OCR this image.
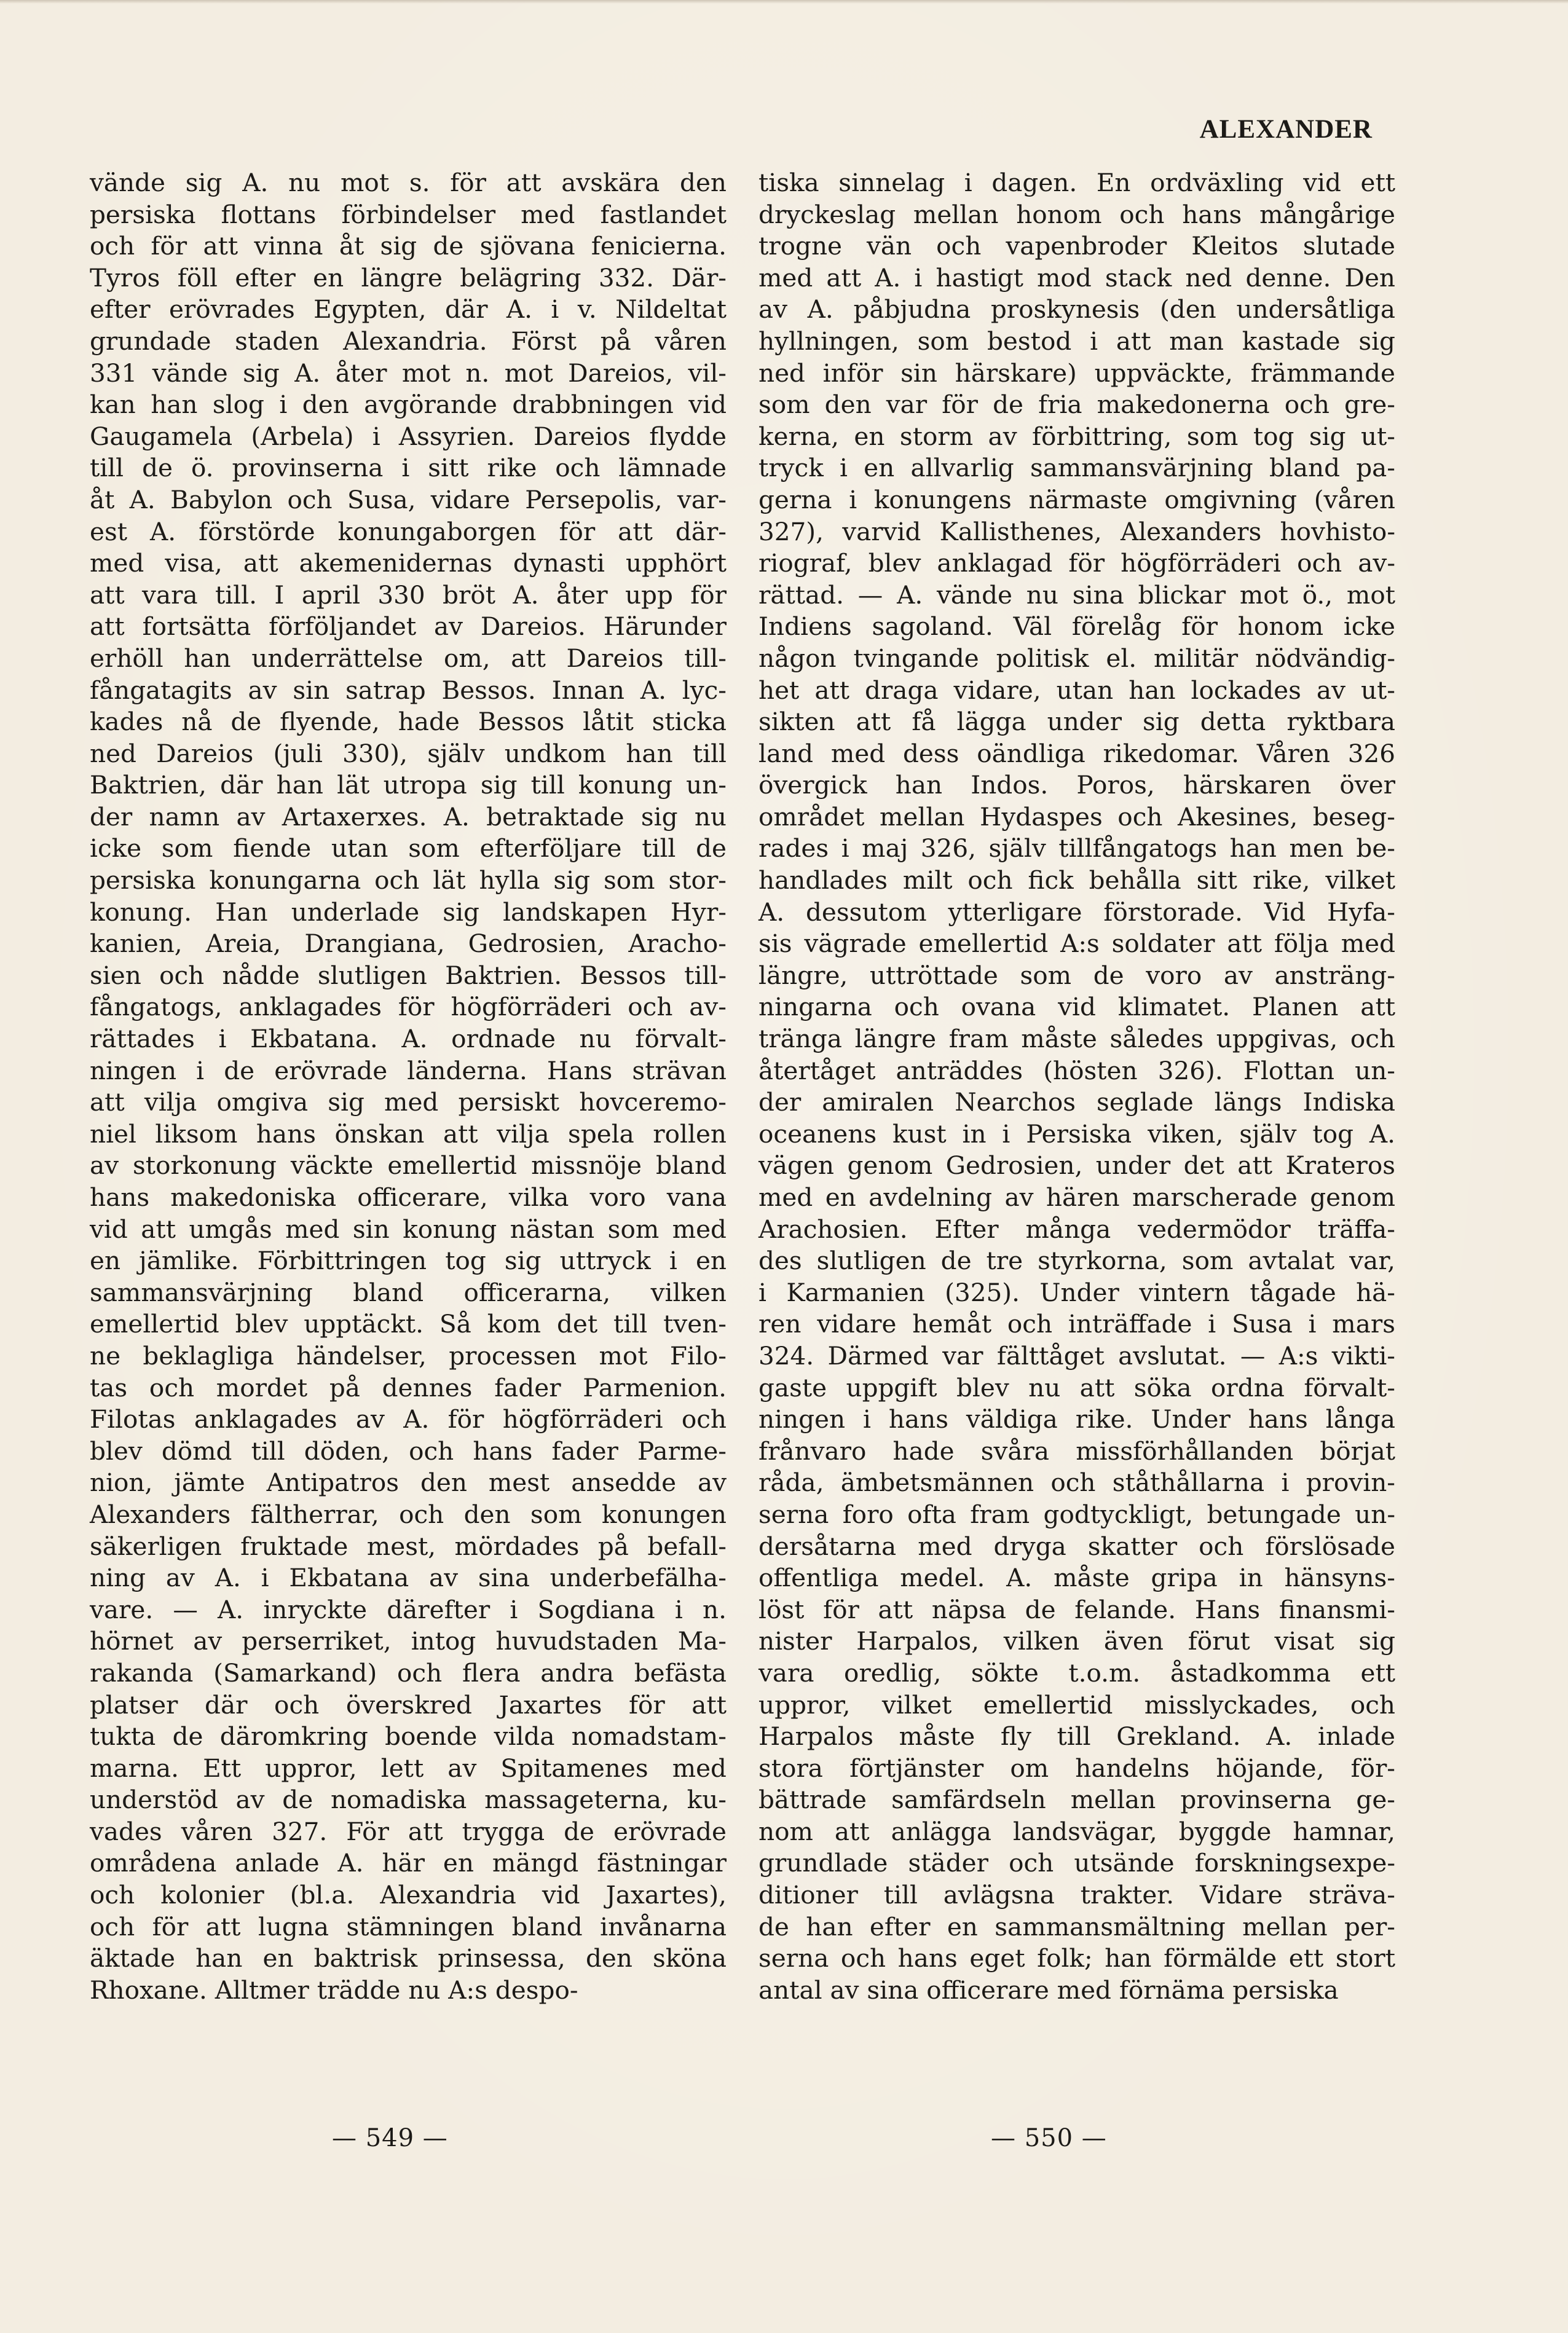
ALEXANDER
vände sig A. nu mot s. för att avskära den
persiska flottans förbindelser med fastlandet
och för att vinna åt sig de sjövana fenicierna.
Tyros föll efter en längre belägring 332. Där-
efter erövrades Egypten, där A. i v. Nildeltat
grundade staden Alexandria. Först på våren
331 vände sig A. åter mot n. mot Dareios, vil-
kan han slog i den avgörande drabbningen vid
Gaugamela (Arbela) i Assyrien. Dareios flydde
till de ö. provinserna i sitt rike och lämnade
åt A. Babylon och Susa, vidare Persepolis, var-
est A. förstörde konungaborgen för att där-
med visa, att akemenidernas dynasti upphört
att vara till. I april 330 bröt A. åter upp för
att fortsätta förföljandet av Dareios. Härunder
erhöll han underrättelse om, att Dareios till-
fångatagits av sin satrap Bessos. Innan A. lyc-
kades nå de flyende, hade Bessos låtit sticka
ned Dareios (juli 330), själv undkom han till
Baktrien, där han lät utropa sig till konung un-
der namn av Artaxerxes. A. betraktade sig nu
icke som fiende utan som efterföljare till de
persiska konungarna och lät hylla sig som stor-
konung. Han underlade sig landskapen Hyr-
kanien, Areia, Drangiana, Gedrosien, Aracho-
sien och nådde slutligen Baktrien. Bessos till-
fångatogs, anklagades för högförräderi och av-
rättades i Ekbatana. A. ordnade nu förvalt-
ningen i de erövrade länderna. Hans strävan
att vilja omgiva sig med persiskt hovceremo-
niel liksom hans önskan att vilja spela rollen
av storkonung väckte emellertid missnöje bland
hans makedoniska officerare, vilka voro vana
vid att umgås med sin konung nästan som med
en jämlike. Förbittringen tog sig uttryck i en
sammansvärjning bland officerarna, vilken
emellertid blev upptäckt. Så kom det till tven-
ne beklagliga händelser, processen mot Filo-
tas och mordet på dennes fader Parmenion.
Filotas anklagades av A. för högförräderi och
blev dömd till döden, och hans fader Parme-
nion, jämte Antipatros den mest ansedde av
Alexanders fältherrar, och den som konungen
säkerligen fruktade mest, mördades på befall-
ning av A. i Ekbatana av sina underbefälha-
vare. — A. inryckte därefter i Sogdiana i n.
hörnet av perserriket, intog huvudstaden Ma-
rakanda (Samarkand) och flera andra befästa
platser där och överskred Jaxartes för att
tukta de däromkring boende vilda nomadstam-
marna. Ett uppror, lett av Spitamenes med
understöd av de nomadiska massageterna, ku-
vades våren 327. För att trygga de erövrade
områdena anlade A. här en mängd fästningar
och kolonier (bl.a. Alexandria vid Jaxartes),
och för att lugna stämningen bland invånarna
äktade han en baktrisk prinsessa, den sköna
Rhoxane. Alltmer trädde nu A:s despo-
tiska sinnelag i dagen. En ordväxling vid ett
dryckeslag mellan honom och hans mångårige
trogne vän och vapenbroder Kleitos slutade
med att A. i hastigt mod stack ned denne. Den
av A. påbjudna proskynesis (den undersåtliga
hyllningen, som bestod i att man kastade sig
ned inför sin härskare) uppväckte, främmande
som den var för de fria makedonerna och gre-
kerna, en storm av förbittring, som tog sig ut-
tryck i en allvarlig sammansvärjning bland pa-
gerna i konungens närmaste omgivning (våren
327), varvid Kallisthenes, Alexanders hovhisto-
riograf, blev anklagad för högförräderi och av-
rättad. — A. vände nu sina blickar mot ö., mot
Indiens sagoland. Väl förelåg för honom icke
någon tvingande politisk el. militär nödvändig-
het att draga vidare, utan han lockades av ut-
sikten att få lägga under sig detta ryktbara
land med dess oändliga rikedomar. Våren 326
övergick han Indos. Poros, härskaren över
området mellan Hydaspes och Akesines, beseg-
rades i maj 326, själv tillfångatogs han men be-
handlades milt och fick behålla sitt rike, vilket
A. dessutom ytterligare förstorade. Vid Hyfa-
sis vägrade emellertid A:s soldater att följa med
längre, uttröttade som de voro av ansträng-
ningarna och ovana vid klimatet. Planen att
tränga längre fram måste således uppgivas, och
återtåget anträddes (hösten 326). Flottan un-
der amiralen Nearchos seglade längs Indiska
oceanens kust in i Persiska viken, själv tog A.
vägen genom Gedrosien, under det att Krateros
med en avdelning av hären marscherade genom
Arachosien. Efter många vedermödor träffa-
des slutligen de tre styrkorna, som avtalat var,
i Karmanien (325). Under vintern tågade hä-
ren vidare hemåt och inträffade i Susa i mars
324. Därmed var fälttåget avslutat. — A:s vikti-
gaste uppgift blev nu att söka ordna förvalt-
ningen i hans väldiga rike. Under hans långa
frånvaro hade svåra missförhållanden börjat
råda, ämbetsmännen och ståthållarna i provin-
serna foro ofta fram godtyckligt, betungade un-
dersåtarna med dryga skatter och förslösade
offentliga medel. A. måste gripa in hänsyns-
löst för att näpsa de felande. Hans finansmi-
nister Harpalos, vilken även förut visat sig
vara oredlig, sökte t.o.m. åstadkomma ett
uppror, vilket emellertid misslyckades, och
Harpalos måste fly till Grekland. A. inlade
stora förtjänster om handelns höjande, för-
bättrade samfärdseln mellan provinserna ge-
nom att anlägga landsvägar, byggde hamnar,
grundlade städer och utsände forskningsexpe-
ditioner till avlägsna trakter. Vidare sträva-
de han efter en sammansmältning mellan per-
serna och hans eget folk; han förmälde ett stort
antal av sina officerare med förnäma persiska
— 549 —	— 550 —
